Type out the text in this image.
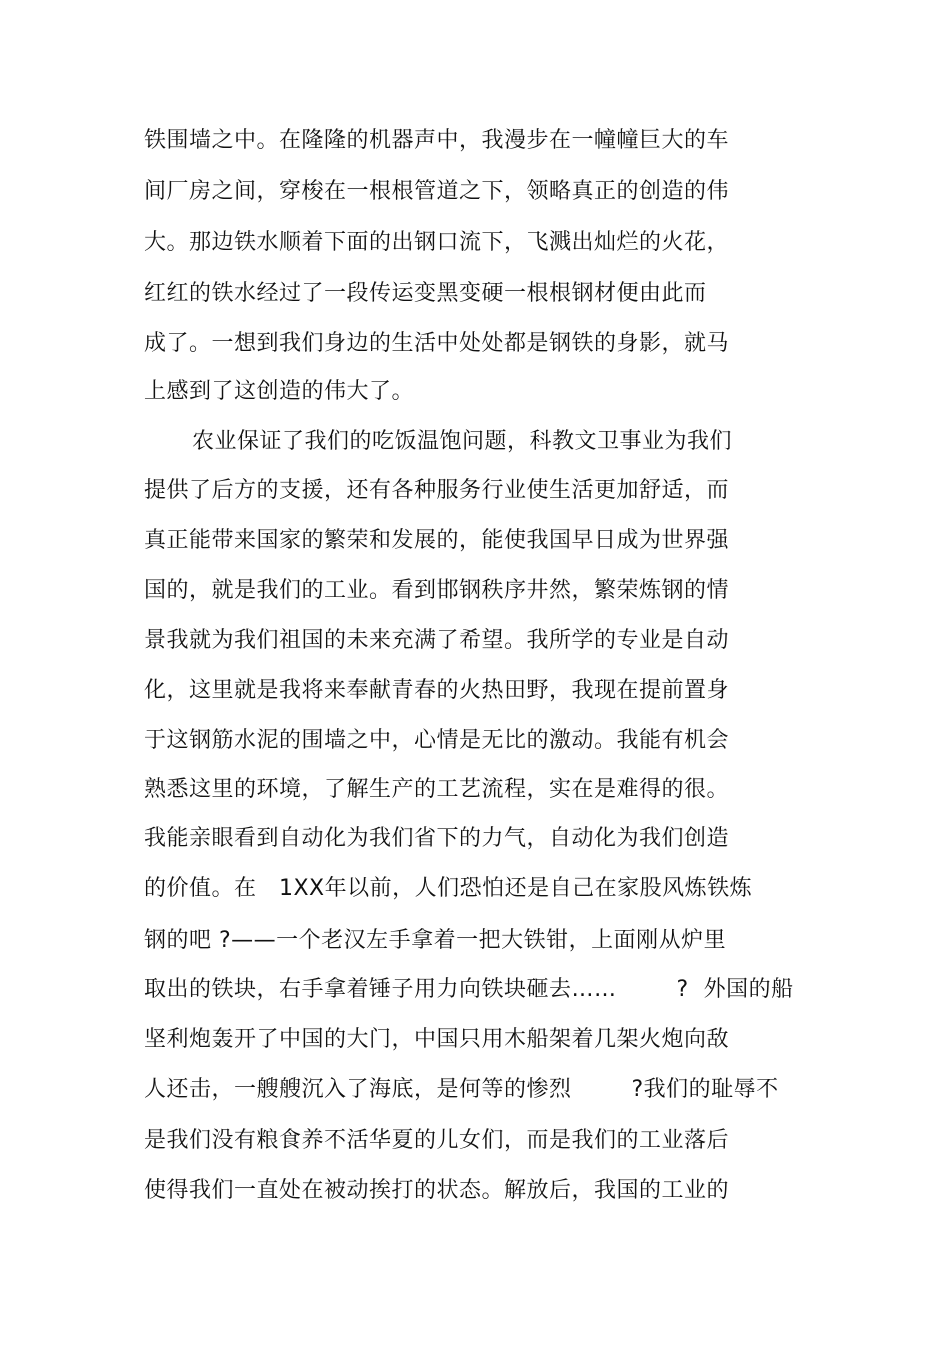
铁围墙之中。在隆隆的机器声中，我漫步在一幢幢巨大的车
间厂房之间，穿梭在一根根管道之下，领略真正的创造的伟
大。那边铁水顺着下面的出钢口流下，飞溅出灿烂的火花，
红红的铁水经过了一段传运变黑变硬一根根钢材便由此而
成了。一想到我们身边的生活中处处都是钢铁的身影，就马
上感到了这创造的伟大了。
农业保证了我们的吃饭温饱问题，科教文卫事业为我们
提供了后方的支援，还有各种服务行业使生活更加舒适，而
真正能带来国家的繁荣和发展的，能使我国早日成为世界强
国的，就是我们的工业。看到邯钢秩序井然，繁荣炼钢的情
景我就为我们祖国的未来充满了希望。我所学的专业是自动
化，这里就是我将来奉献青春的火热田野，我现在提前置身
于这钢筋水泥的围墙之中，心情是无比的激动。我能有机会
熟悉这里的环境，了解生产的工艺流程，实在是难得的很。
我能亲眼看到自动化为我们省下的力气，自动化为我们创造
的价值。在   1XX年以前，人们恐怕还是自己在家股风炼铁炼
钢的吧 ?——一个老汉左手拿着一把大铁钳，上面刚从炉里
取出的铁块，右手拿着锤子用力向铁块砸去……        ?  外国的船
坚利炮轰开了中国的大门，中国只用木船架着几架火炮向敌
人还击，一艘艘沉入了海底，是何等的惨烈        ?我们的耻辱不
是我们没有粮食养不活华夏的儿女们，而是我们的工业落后
使得我们一直处在被动挨打的状态。解放后，我国的工业的
